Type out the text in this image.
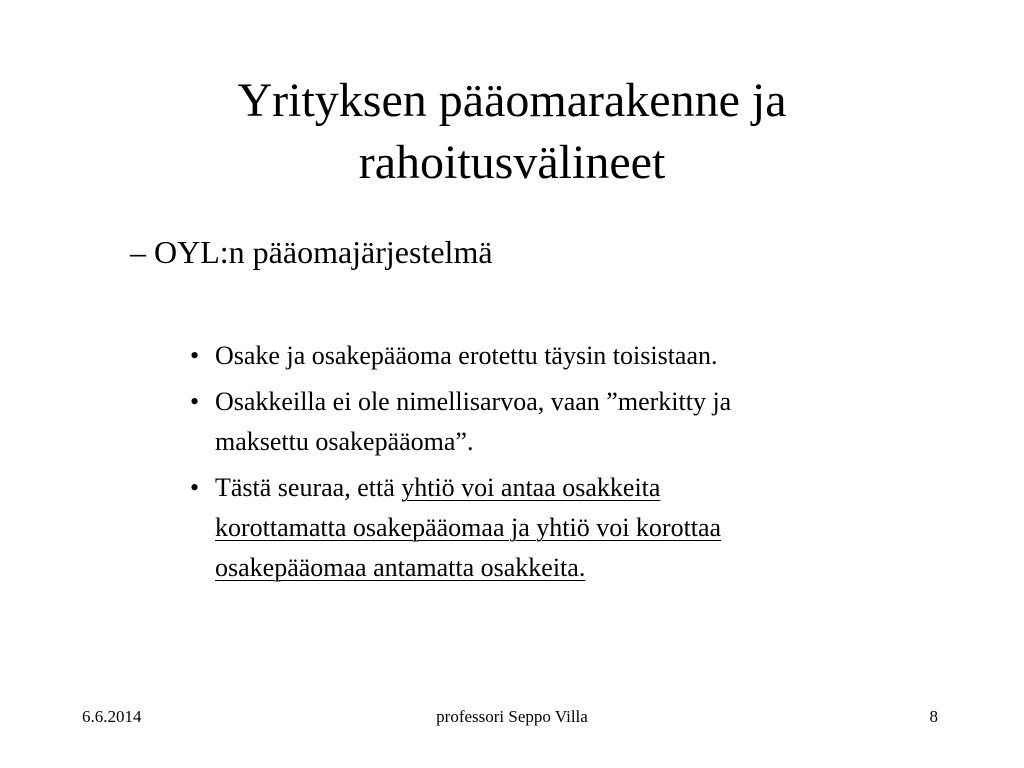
Yrityksen pääomarakenne ja
rahoitusvälineet

– OYL:n pääomajärjestelmä

• Osake ja osakepääoma erotettu täysin toisistaan.
• Osakkeilla ei ole nimellisarvoa, vaan ”merkitty ja
maksettu osakepääoma”.
• Tästä seuraa, että yhtiö voi antaa osakkeita
korottamatta osakepääomaa ja yhtiö voi korottaa
osakepääomaa antamatta osakkeita.
6.6.2014	professori Seppo Villa	8
